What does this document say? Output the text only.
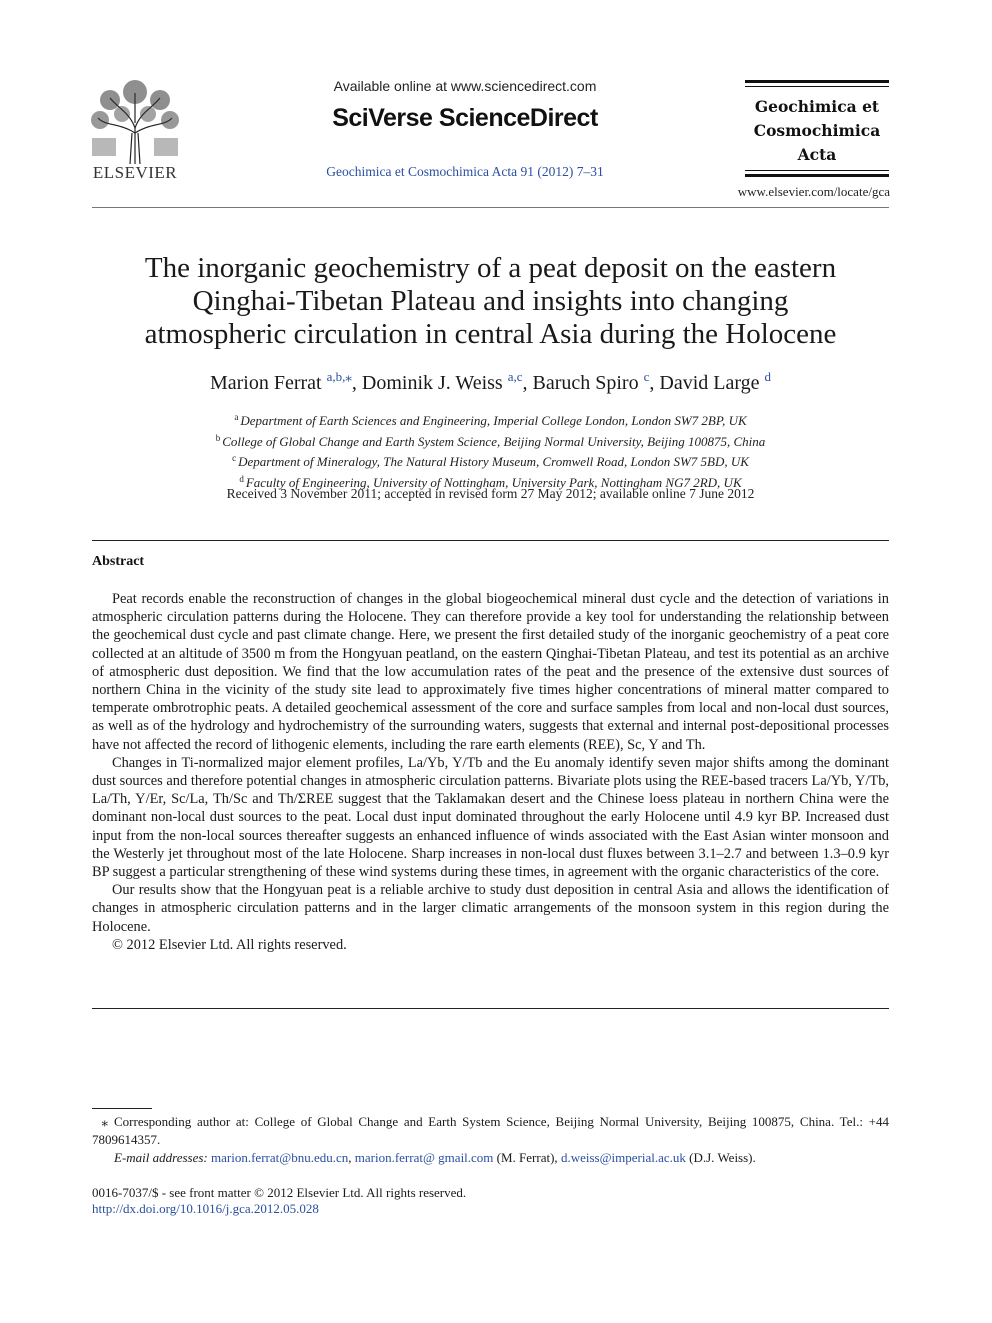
ELSEVIER
Available online at www.sciencedirect.com
SciVerse ScienceDirect
Geochimica et Cosmochimica Acta 91 (2012) 7–31
Geochimica et
Cosmochimica
Acta
www.elsevier.com/locate/gca
The inorganic geochemistry of a peat deposit on the eastern
Qinghai-Tibetan Plateau and insights into changing
atmospheric circulation in central Asia during the Holocene
Marion Ferrat $^{a,b,⁎}$, Dominik J. Weiss $^{a,c}$, Baruch Spiro $^c$, David Large $^d$
$^a$ Department of Earth Sciences and Engineering, Imperial College London, London SW7 2BP, UK
$^b$ College of Global Change and Earth System Science, Beijing Normal University, Beijing 100875, China
$^c$ Department of Mineralogy, The Natural History Museum, Cromwell Road, London SW7 5BD, UK
$^d$ Faculty of Engineering, University of Nottingham, University Park, Nottingham NG7 2RD, UK
Received 3 November 2011; accepted in revised form 27 May 2012; available online 7 June 2012
Abstract

Peat records enable the reconstruction of changes in the global biogeochemical mineral dust cycle and the detection of variations in atmospheric circulation patterns during the Holocene. They can therefore provide a key tool for understanding the relationship between the geochemical dust cycle and past climate change. Here, we present the first detailed study of the inorganic geochemistry of a peat core collected at an altitude of 3500 m from the Hongyuan peatland, on the eastern Qinghai-Tibetan Plateau, and test its potential as an archive of atmospheric dust deposition. We find that the low accumulation rates of the peat and the presence of the extensive dust sources of northern China in the vicinity of the study site lead to approximately five times higher concentrations of mineral matter compared to temperate ombrotrophic peats. A detailed geochemical assessment of the core and surface samples from local and non-local dust sources, as well as of the hydrology and hydrochemistry of the surrounding waters, suggests that external and internal post-depositional processes have not affected the record of lithogenic elements, including the rare earth elements (REE), Sc, Y and Th.

Changes in Ti-normalized major element profiles, La/Yb, Y/Tb and the Eu anomaly identify seven major shifts among the dominant dust sources and therefore potential changes in atmospheric circulation patterns. Bivariate plots using the REE-based tracers La/Yb, Y/Tb, La/Th, Y/Er, Sc/La, Th/Sc and Th/ΣREE suggest that the Taklamakan desert and the Chinese loess plateau in northern China were the dominant non-local dust sources to the peat. Local dust input dominated throughout the early Holocene until 4.9 kyr BP. Increased dust input from the non-local sources thereafter suggests an enhanced influence of winds associated with the East Asian winter monsoon and the Westerly jet throughout most of the late Holocene. Sharp increases in non-local dust fluxes between 3.1–2.7 and between 1.3–0.9 kyr BP suggest a particular strengthening of these wind systems during these times, in agreement with the organic characteristics of the core.

Our results show that the Hongyuan peat is a reliable archive to study dust deposition in central Asia and allows the identification of changes in atmospheric circulation patterns and in the larger climatic arrangements of the monsoon system in this region during the Holocene.

© 2012 Elsevier Ltd. All rights reserved.

⁎ Corresponding author at: College of Global Change and Earth System Science, Beijing Normal University, Beijing 100875, China. Tel.: +44 7809614357.

E-mail addresses: marion.ferrat@bnu.edu.cn, marion.ferrat@ gmail.com (M. Ferrat), d.weiss@imperial.ac.uk (D.J. Weiss).

0016-7037/$ - see front matter © 2012 Elsevier Ltd. All rights reserved.
http://dx.doi.org/10.1016/j.gca.2012.05.028
